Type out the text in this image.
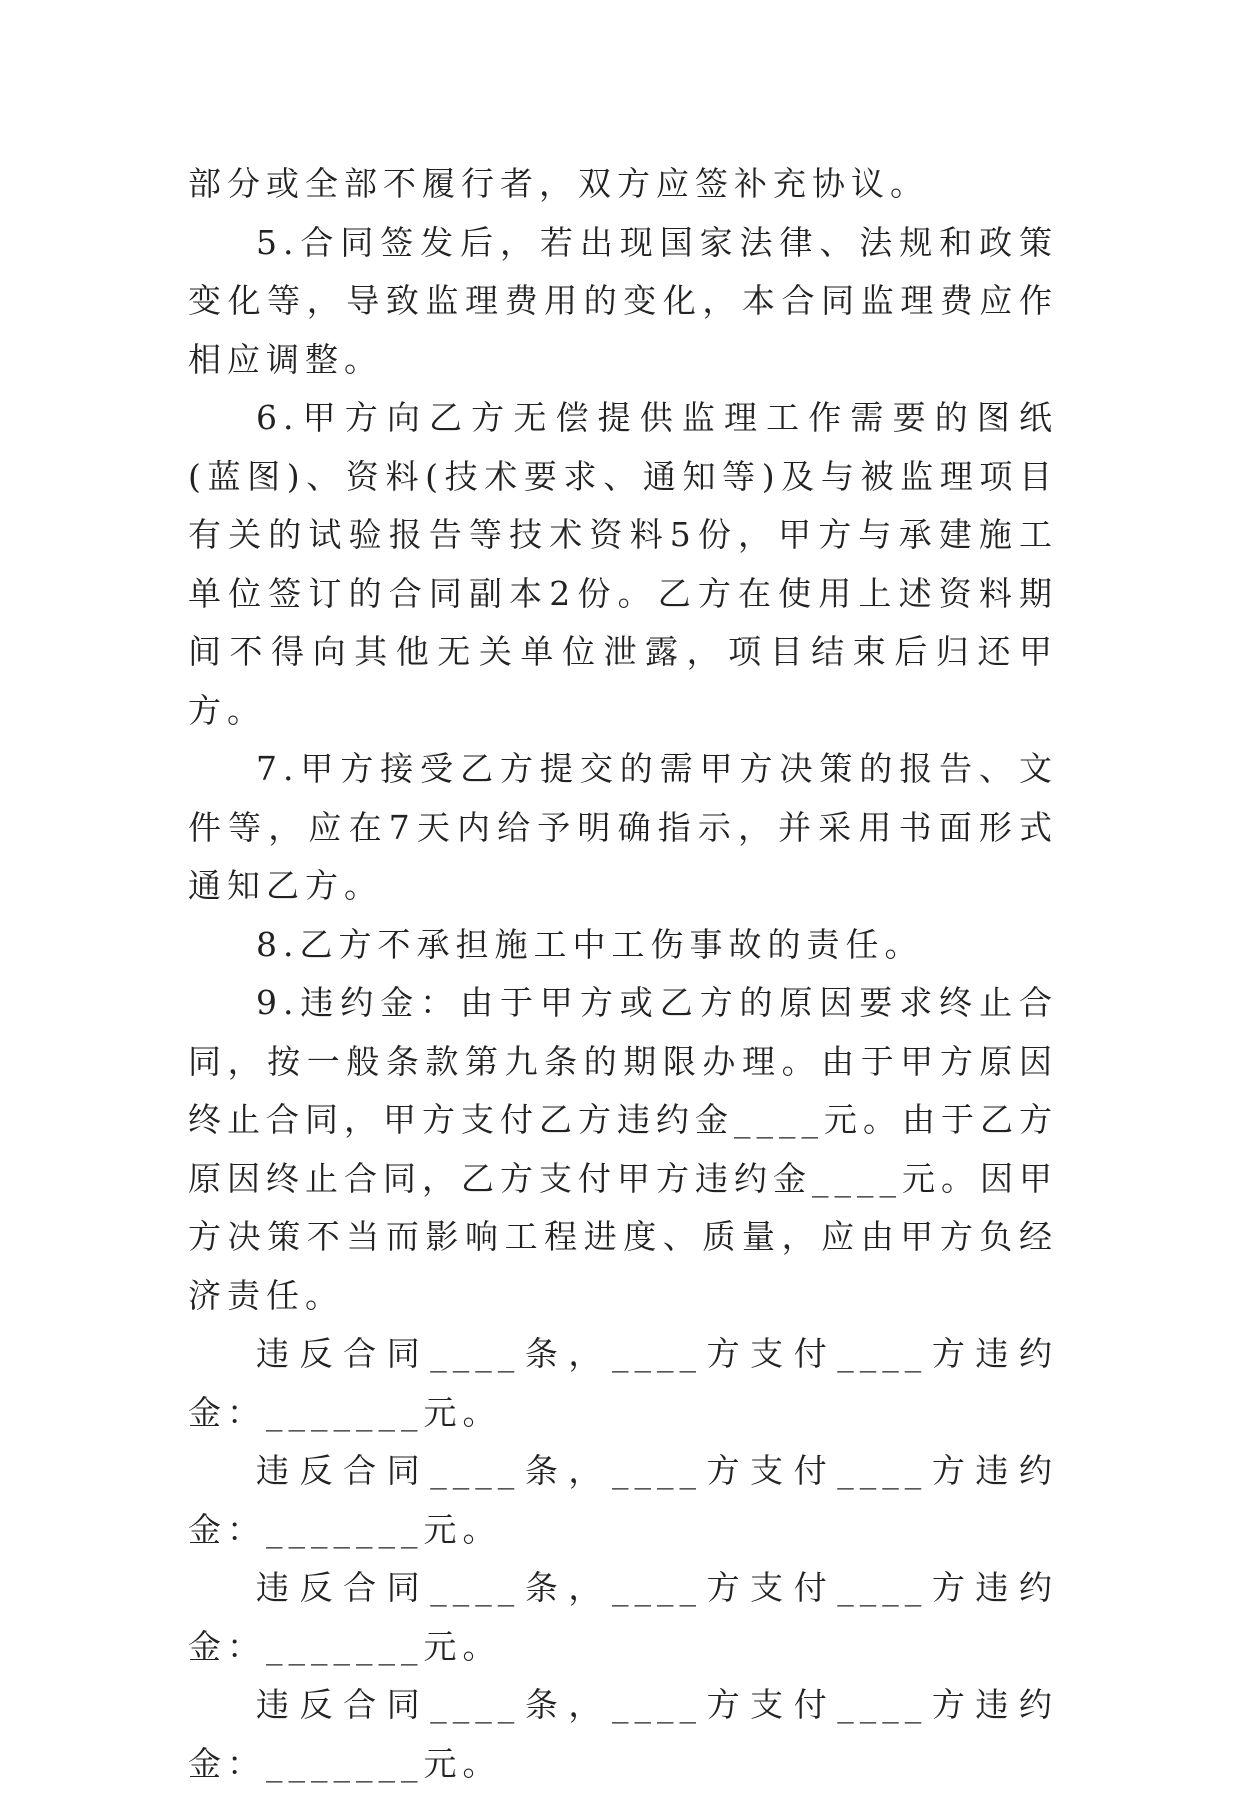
部分或全部不履行者，双方应签补充协议。

5.合同签发后，若出现国家法律、法规和政策变化等，导致监理费用的变化，本合同监理费应作相应调整。

6.甲方向乙方无偿提供监理工作需要的图纸(蓝图)、资料(技术要求、通知等)及与被监理项目有关的试验报告等技术资料5份，甲方与承建施工单位签订的合同副本2份。乙方在使用上述资料期间不得向其他无关单位泄露，项目结束后归还甲方。

7.甲方接受乙方提交的需甲方决策的报告、文件等，应在7天内给予明确指示，并采用书面形式通知乙方。

8.乙方不承担施工中工伤事故的责任。

9.违约金：由于甲方或乙方的原因要求终止合同，按一般条款第九条的期限办理。由于甲方原因终止合同，甲方支付乙方违约金____元。由于乙方原因终止合同，乙方支付甲方违约金____元。因甲方决策不当而影响工程进度、质量，应由甲方负经济责任。

违反合同____条，____方支付____方违约金：_______元。

违反合同____条，____方支付____方违约金：_______元。

违反合同____条，____方支付____方违约金：_______元。

违反合同____条，____方支付____方违约金：_______元。
